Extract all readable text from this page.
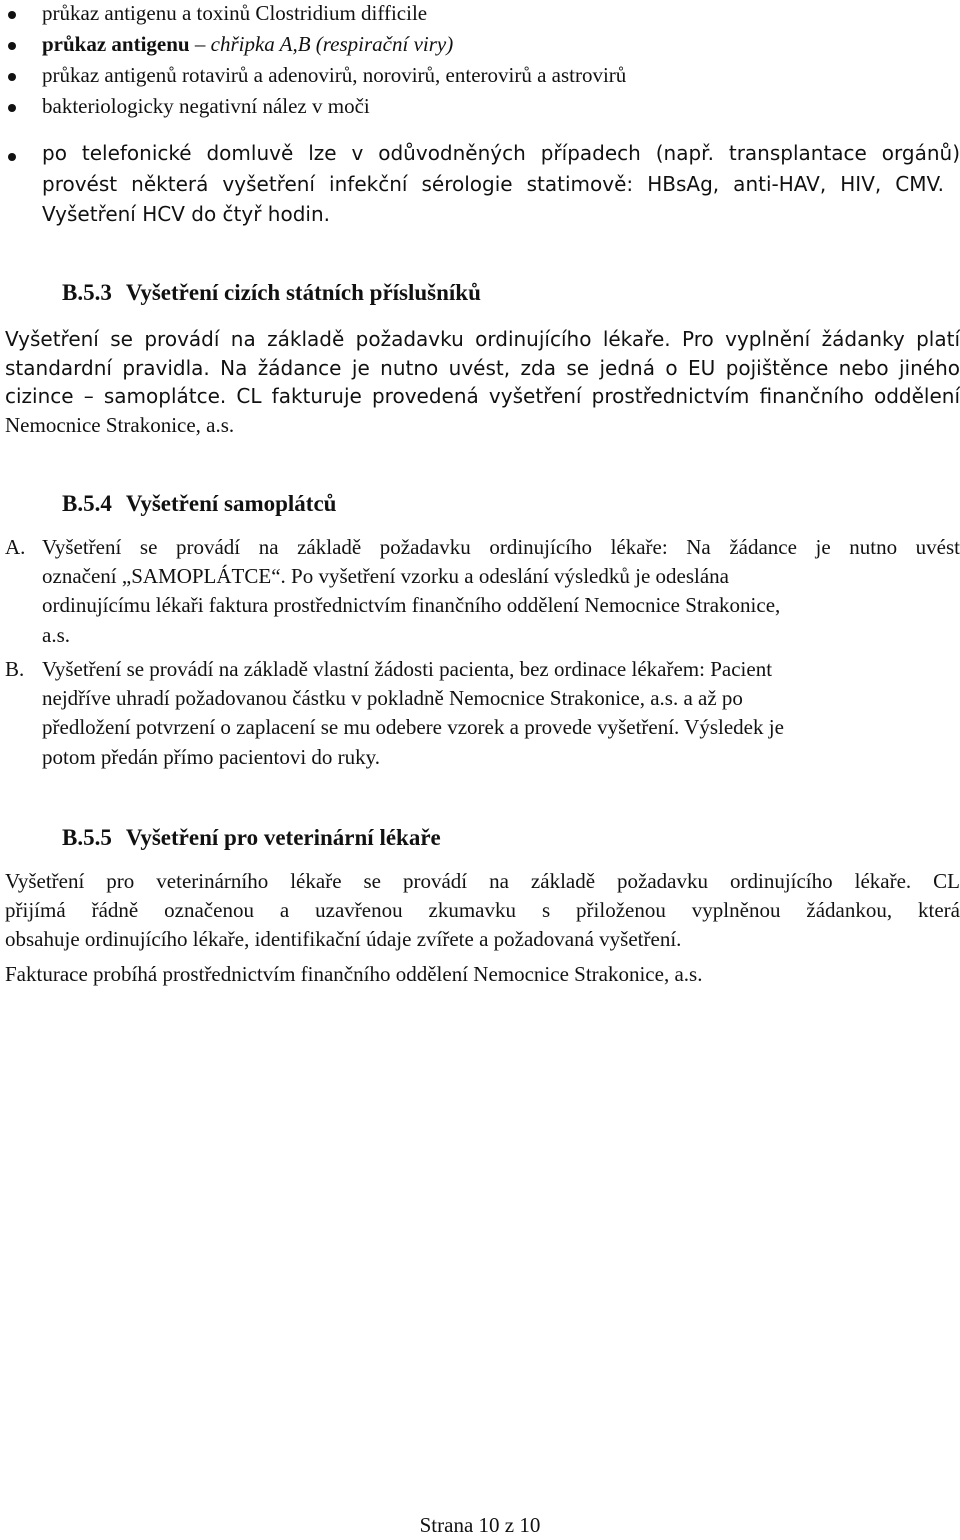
průkaz antigenu a toxinů Clostridium difficile
průkaz antigenu – chřipka A,B (respirační viry)
průkaz antigenů rotavirů a adenovirů, norovirů, enterovirů a astrovirů
bakteriologicky negativní nález v moči
po telefonické domluvě lze v odůvodněných případech (např. transplantace orgánů)
provést některá vyšetření infekční sérologie statimově: HBsAg, anti-HAV, HIV, CMV.
Vyšetření HCV do čtyř hodin.
B.5.3 Vyšetření cizích státních příslušníků
Vyšetření se provádí na základě požadavku ordinujícího lékaře. Pro vyplnění žádanky platí
standardní pravidla. Na žádance je nutno uvést, zda se jedná o EU pojištěnce nebo jiného
cizince – samoplátce. CL fakturuje provedená vyšetření prostřednictvím finančního oddělení
Nemocnice Strakonice, a.s.
B.5.4 Vyšetření samoplátců
A. Vyšetření se provádí na základě požadavku ordinujícího lékaře: Na žádance je nutno uvést
označení „SAMOPLÁTCE“. Po vyšetření vzorku a odeslání výsledků je odeslána
ordinujícímu lékaři faktura prostřednictvím finančního oddělení Nemocnice Strakonice,
a.s.
B. Vyšetření se provádí na základě vlastní žádosti pacienta, bez ordinace lékařem: Pacient
nejdříve uhradí požadovanou částku v pokladně Nemocnice Strakonice, a.s. a až po
předložení potvrzení o zaplacení se mu odebere vzorek a provede vyšetření. Výsledek je
potom předán přímo pacientovi do ruky.
B.5.5 Vyšetření pro veterinární lékaře
Vyšetření pro veterinárního lékaře se provádí na základě požadavku ordinujícího lékaře. CL
přijímá řádně označenou a uzavřenou zkumavku s přiloženou vyplněnou žádankou, která
obsahuje ordinujícího lékaře, identifikační údaje zvířete a požadovaná vyšetření.
Fakturace probíhá prostřednictvím finančního oddělení Nemocnice Strakonice, a.s.
Strana 10 z 10
